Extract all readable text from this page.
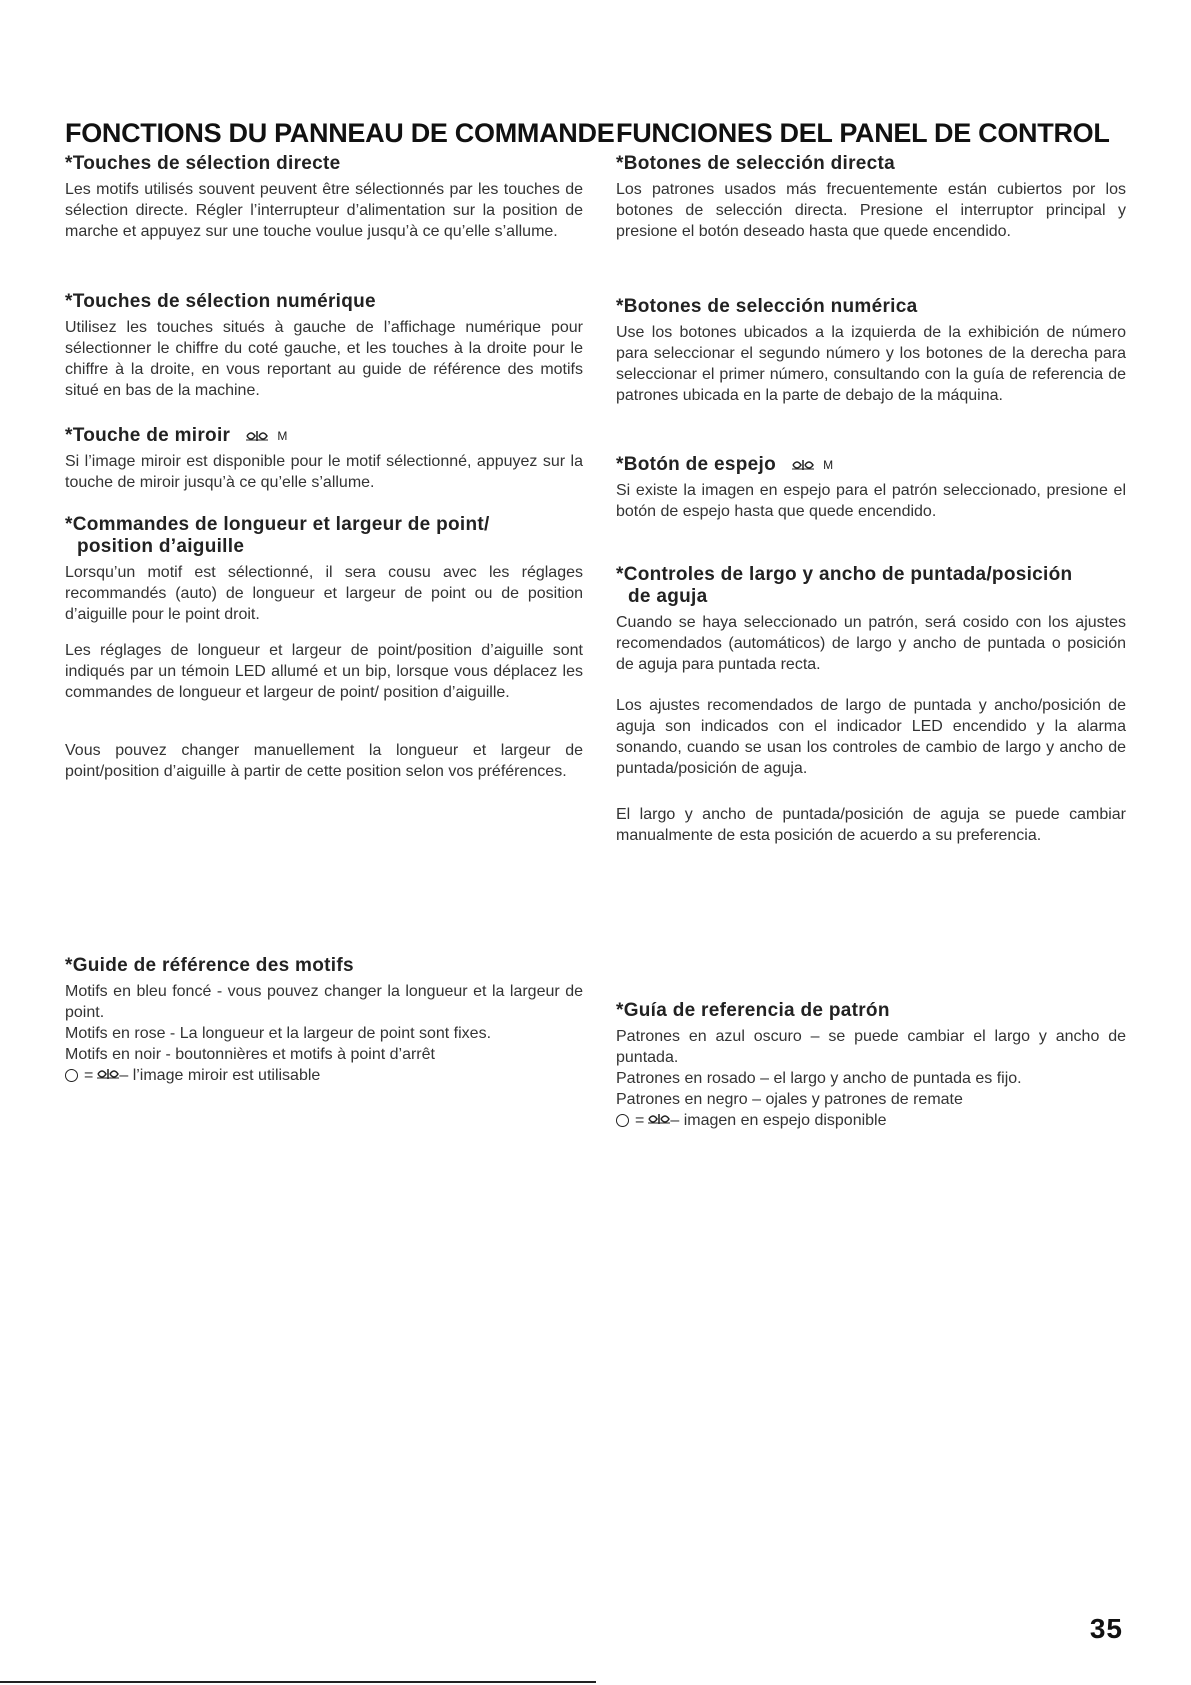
FONCTIONS DU PANNEAU DE COMMANDE
*Touches de sélection directe

Les motifs utilisés souvent peuvent être sélectionnés par les touches de sélection directe. Régler l’interrupteur d’alimentation sur la position de marche et appuyez sur une touche voulue jusqu’à ce qu’elle s’allume.

*Touches de sélection numérique

Utilisez les touches situés à gauche de l’affichage numérique pour sélectionner le chiffre du coté gauche, et les touches à la droite pour le chiffre à la droite, en vous reportant au guide de référence des motifs situé en bas de la machine.

*Touche de miroir	M

Si l’image miroir est disponible pour le motif sélectionné, appuyez sur la touche de miroir jusqu’à ce qu’elle s’allume.

*Commandes de longueur et largeur de point/
position d’aiguille

Lorsqu’un motif est sélectionné, il sera cousu avec les réglages recommandés (auto) de longueur et largeur de point ou de position d’aiguille pour le point droit.

Les réglages de longueur et largeur de point/position d’aiguille sont indiqués par un témoin LED allumé et un bip, lorsque vous déplacez les commandes de longueur et largeur de point/ position d’aiguille.

Vous pouvez changer manuellement la longueur et largeur de point/position d’aiguille à partir de cette position selon vos préférences.

*Guide de référence des motifs

Motifs en bleu foncé - vous pouvez changer la longueur et la largeur de point.

Motifs en rose - La longueur et la largeur de point sont fixes.

Motifs en noir - boutonnières et motifs à point d’arrêt

= – l’image miroir est utilisable

FUNCIONES DEL PANEL DE CONTROL
*Botones de selección directa

Los patrones usados más frecuentemente están cubiertos por los botones de selección directa. Presione el interruptor principal y presione el botón deseado hasta que quede encendido.

*Botones de selección numérica

Use los botones ubicados a la izquierda de la exhibición de número para seleccionar el segundo número y los botones de la derecha para seleccionar el primer número, consultando con la guía de referencia de patrones ubicada en la parte de debajo de la máquina.

*Botón de espejo	M

Si existe la imagen en espejo para el patrón seleccionado, presione el botón de espejo hasta que quede encendido.

*Controles de largo y ancho de puntada/posición
de aguja

Cuando se haya seleccionado un patrón, será cosido con los ajustes recomendados (automáticos) de largo y ancho de puntada o posición de aguja para puntada recta.

Los ajustes recomendados de largo de puntada y ancho/posición de aguja son indicados con el indicador LED encendido y la alarma sonando, cuando se usan los controles de cambio de largo y ancho de puntada/posición de aguja.

El largo y ancho de puntada/posición de aguja se puede cambiar manualmente de esta posición de acuerdo a su preferencia.

*Guía de referencia de patrón

Patrones en azul oscuro – se puede cambiar el largo y ancho de puntada.

Patrones en rosado – el largo y ancho de puntada es fijo.

Patrones en negro – ojales y patrones de remate

= – imagen en espejo disponible

35
